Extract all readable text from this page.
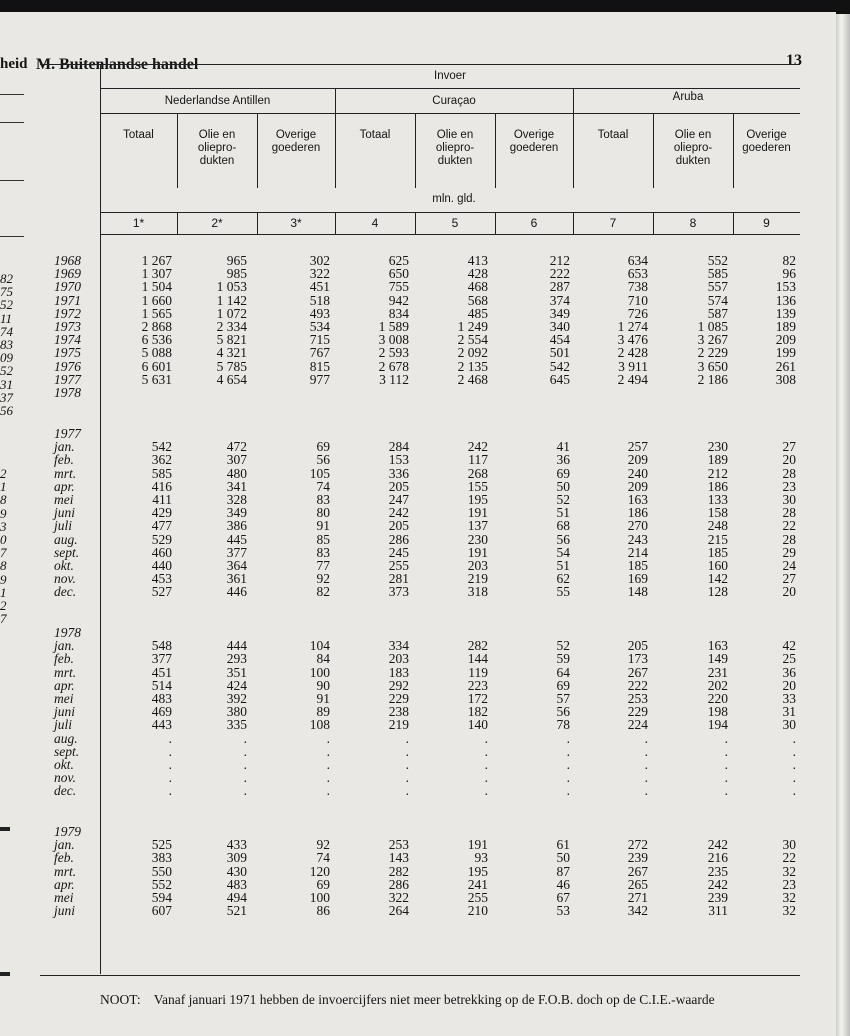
heid
82
75
52
11
74
83
09
52
31
37
56
2
1
8
9
3
0
7
8
9
1
2
7
M. Buitenlandse handel	13
Invoer
Nederlandse Antillen	Curaçao	Aruba
Totaal	Olie en
oliepro-
dukten
Overige
goederen
Totaal	Olie en
oliepro-
dukten
Overige
goederen
Totaal	Olie en
oliepro-
dukten
Overige
goederen
mln. gld.
1*	2*	3*	4	5	6	7	8	9
1968	1 267	965	302	625	413	212	634	552	82
1969	1 307	985	322	650	428	222	653	585	96
1970	1 504	1 053	451	755	468	287	738	557	153
1971	1 660	1 142	518	942	568	374	710	574	136
1972	1 565	1 072	493	834	485	349	726	587	139
1973	2 868	2 334	534	1 589	1 249	340	1 274	1 085	189
1974	6 536	5 821	715	3 008	2 554	454	3 476	3 267	209
1975	5 088	4 321	767	2 593	2 092	501	2 428	2 229	199
1976	6 601	5 785	815	2 678	2 135	542	3 911	3 650	261
1977	5 631	4 654	977	3 112	2 468	645	2 494	2 186	308
1978
1977
jan.	542	472	69	284	242	41	257	230	27
feb.	362	307	56	153	117	36	209	189	20
mrt.	585	480	105	336	268	69	240	212	28
apr.	416	341	74	205	155	50	209	186	23
mei	411	328	83	247	195	52	163	133	30
juni	429	349	80	242	191	51	186	158	28
juli	477	386	91	205	137	68	270	248	22
aug.	529	445	85	286	230	56	243	215	28
sept.	460	377	83	245	191	54	214	185	29
okt.	440	364	77	255	203	51	185	160	24
nov.	453	361	92	281	219	62	169	142	27
dec.	527	446	82	373	318	55	148	128	20
1978
jan.	548	444	104	334	282	52	205	163	42
feb.	377	293	84	203	144	59	173	149	25
mrt.	451	351	100	183	119	64	267	231	36
apr.	514	424	90	292	223	69	222	202	20
mei	483	392	91	229	172	57	253	220	33
juni	469	380	89	238	182	56	229	198	31
juli	443	335	108	219	140	78	224	194	30
aug.	.	.	.	.	.	.	.	.	.
sept.	.	.	.	.	.	.	.	.	.
okt.	.	.	.	.	.	.	.	.	.
nov.	.	.	.	.	.	.	.	.	.
dec.	.	.	.	.	.	.	.	.	.
1979
jan.	525	433	92	253	191	61	272	242	30
feb.	383	309	74	143	93	50	239	216	22
mrt.	550	430	120	282	195	87	267	235	32
apr.	552	483	69	286	241	46	265	242	23
mei	594	494	100	322	255	67	271	239	32
juni	607	521	86	264	210	53	342	311	32
NOOT: Vanaf januari 1971 hebben de invoercijfers niet meer betrekking op de F.O.B. doch op de C.I.E.-waarde
